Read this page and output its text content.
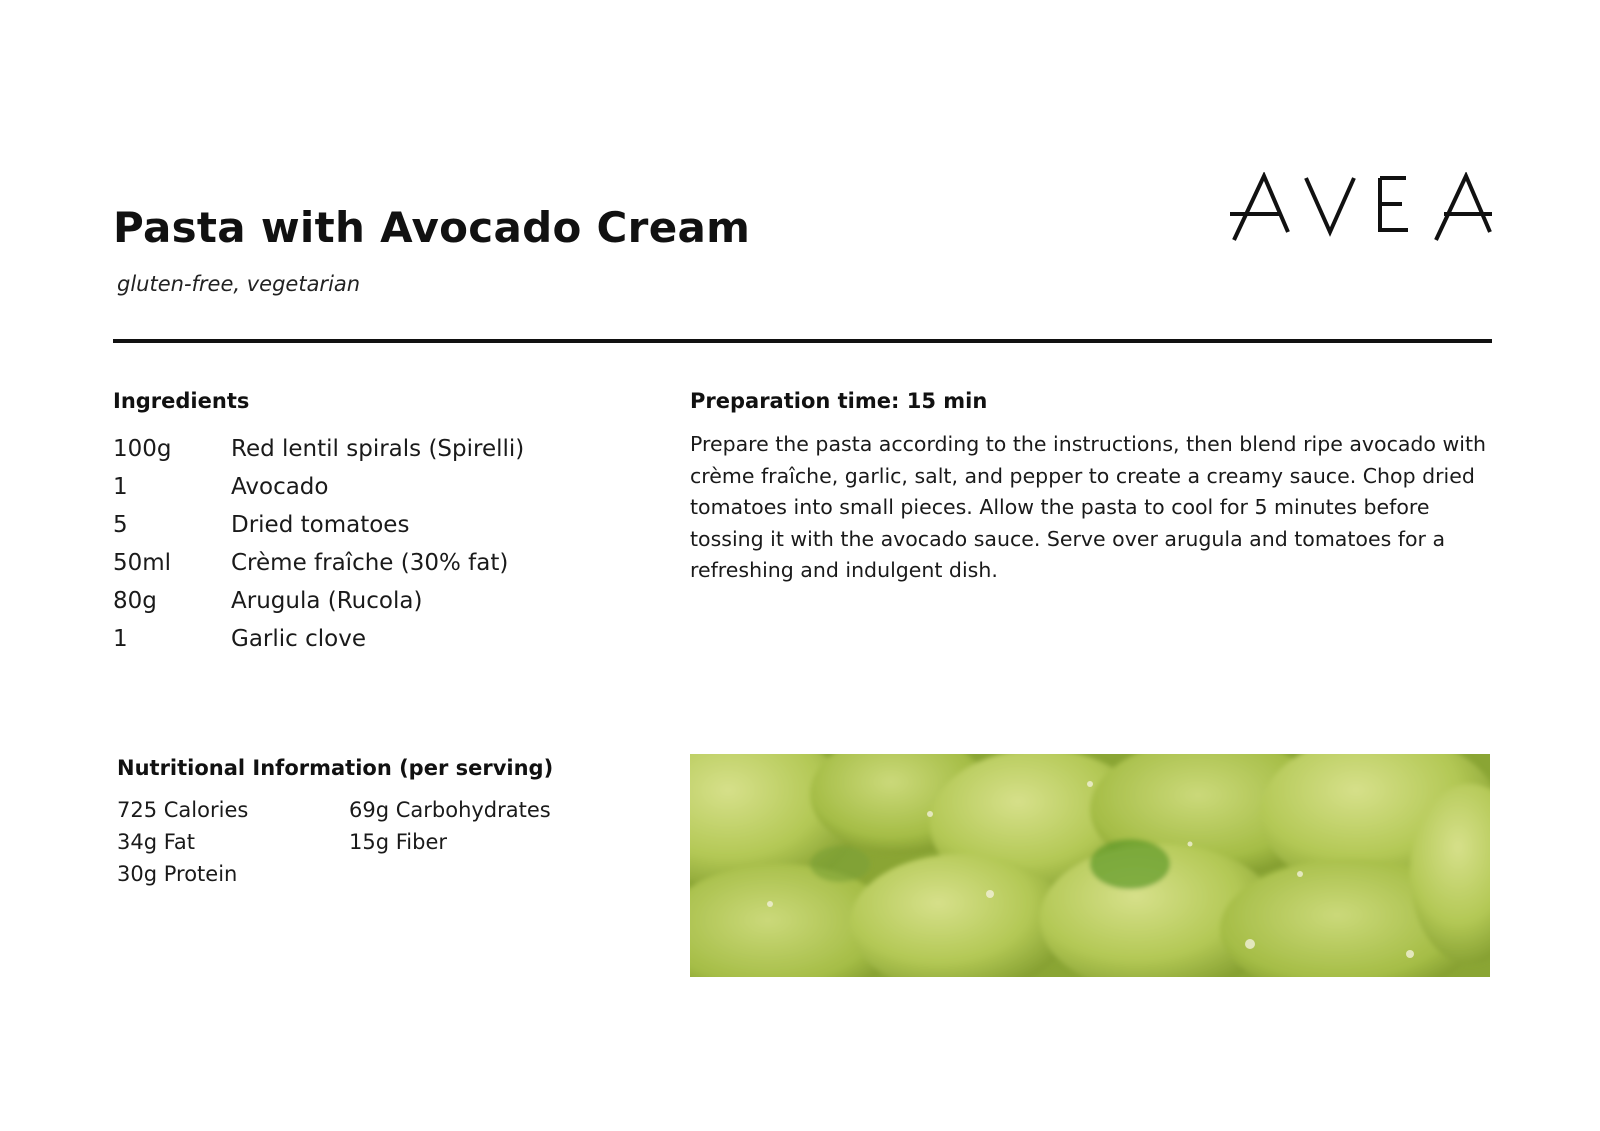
Pasta with Avocado Cream
gluten-free, vegetarian
Ingredients
100g	Red lentil spirals (Spirelli)
1	Avocado
5	Dried tomatoes
50ml	Crème fraîche (30% fat)
80g	Arugula (Rucola)
1	Garlic clove
Preparation time: 15 min

Prepare the pasta according to the instructions, then blend ripe avocado with crème fraîche, garlic, salt, and pepper to create a creamy sauce. Chop dried tomatoes into small pieces. Allow the pasta to cool for 5 minutes before tossing it with the avocado sauce. Serve over arugula and tomatoes for a refreshing and indulgent dish.

Nutritional Information (per serving)
725 Calories	69g Carbohydrates
34g Fat	15g Fiber
30g Protein
